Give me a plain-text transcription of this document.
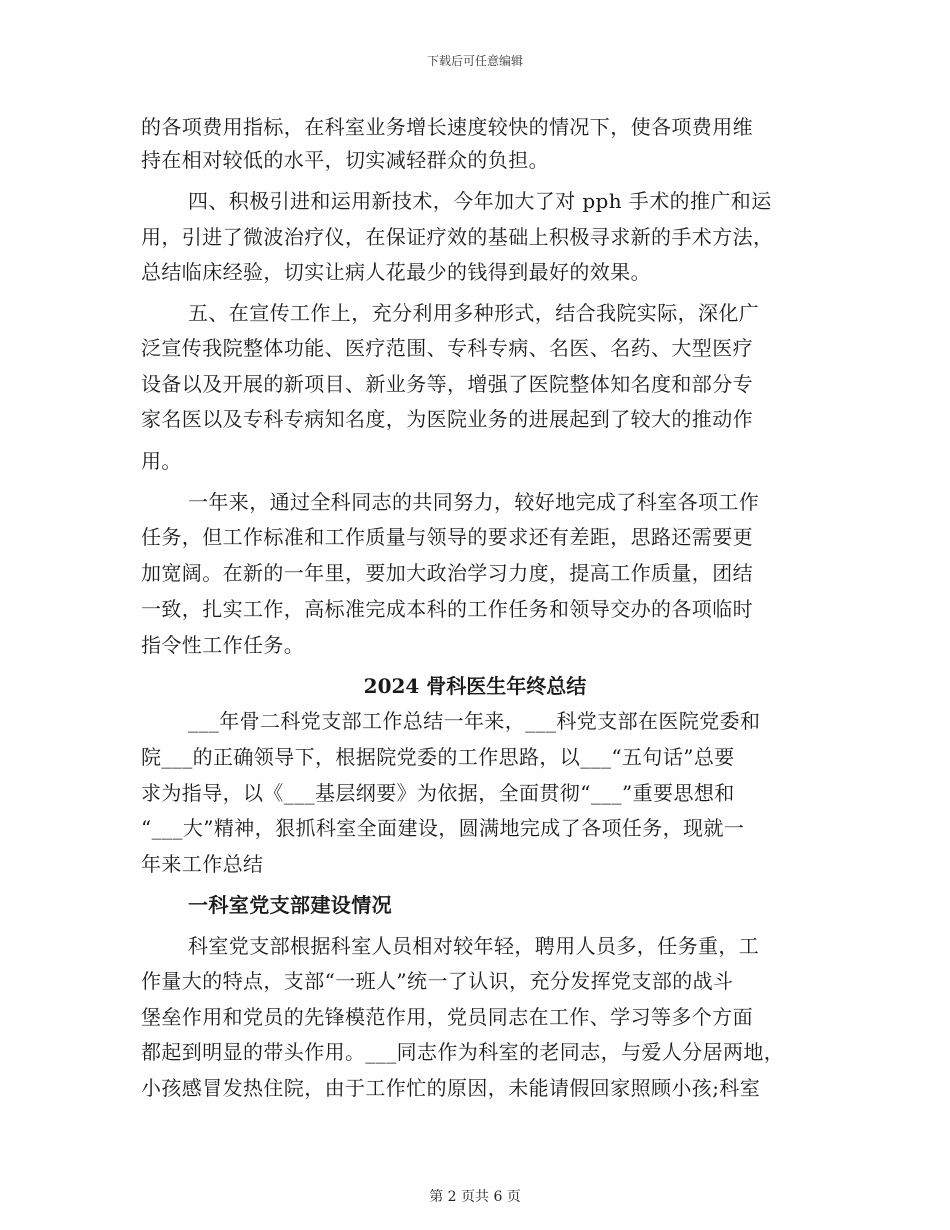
下载后可任意编辑
的各项费用指标，在科室业务增长速度较快的情况下，使各项费用维
持在相对较低的水平，切实减轻群众的负担。
四、积极引进和运用新技术，今年加大了对 pph 手术的推广和运
用，引进了微波治疗仪，在保证疗效的基础上积极寻求新的手术方法，
总结临床经验，切实让病人花最少的钱得到最好的效果。
五、在宣传工作上，充分利用多种形式，结合我院实际，深化广
泛宣传我院整体功能、医疗范围、专科专病、名医、名药、大型医疗
设备以及开展的新项目、新业务等，增强了医院整体知名度和部分专
家名医以及专科专病知名度，为医院业务的进展起到了较大的推动作
用。
一年来，通过全科同志的共同努力，较好地完成了科室各项工作
任务，但工作标准和工作质量与领导的要求还有差距，思路还需要更
加宽阔。在新的一年里，要加大政治学习力度，提高工作质量，团结
一致，扎实工作，高标准完成本科的工作任务和领导交办的各项临时
指令性工作任务。
2024 骨科医生年终总结
___年骨二科党支部工作总结一年来，___科党支部在医院党委和
院___的正确领导下，根据院党委的工作思路，以___“五句话”总要
求为指导，以《___基层纲要》为依据，全面贯彻“___”重要思想和
“___大”精神，狠抓科室全面建设，圆满地完成了各项任务，现就一
年来工作总结
一科室党支部建设情况
科室党支部根据科室人员相对较年轻，聘用人员多，任务重，工
作量大的特点，支部“一班人”统一了认识，充分发挥党支部的战斗
堡垒作用和党员的先锋模范作用，党员同志在工作、学习等多个方面
都起到明显的带头作用。___同志作为科室的老同志，与爱人分居两地，
小孩感冒发热住院，由于工作忙的原因，未能请假回家照顾小孩;科室
第 2 页共 6 页
